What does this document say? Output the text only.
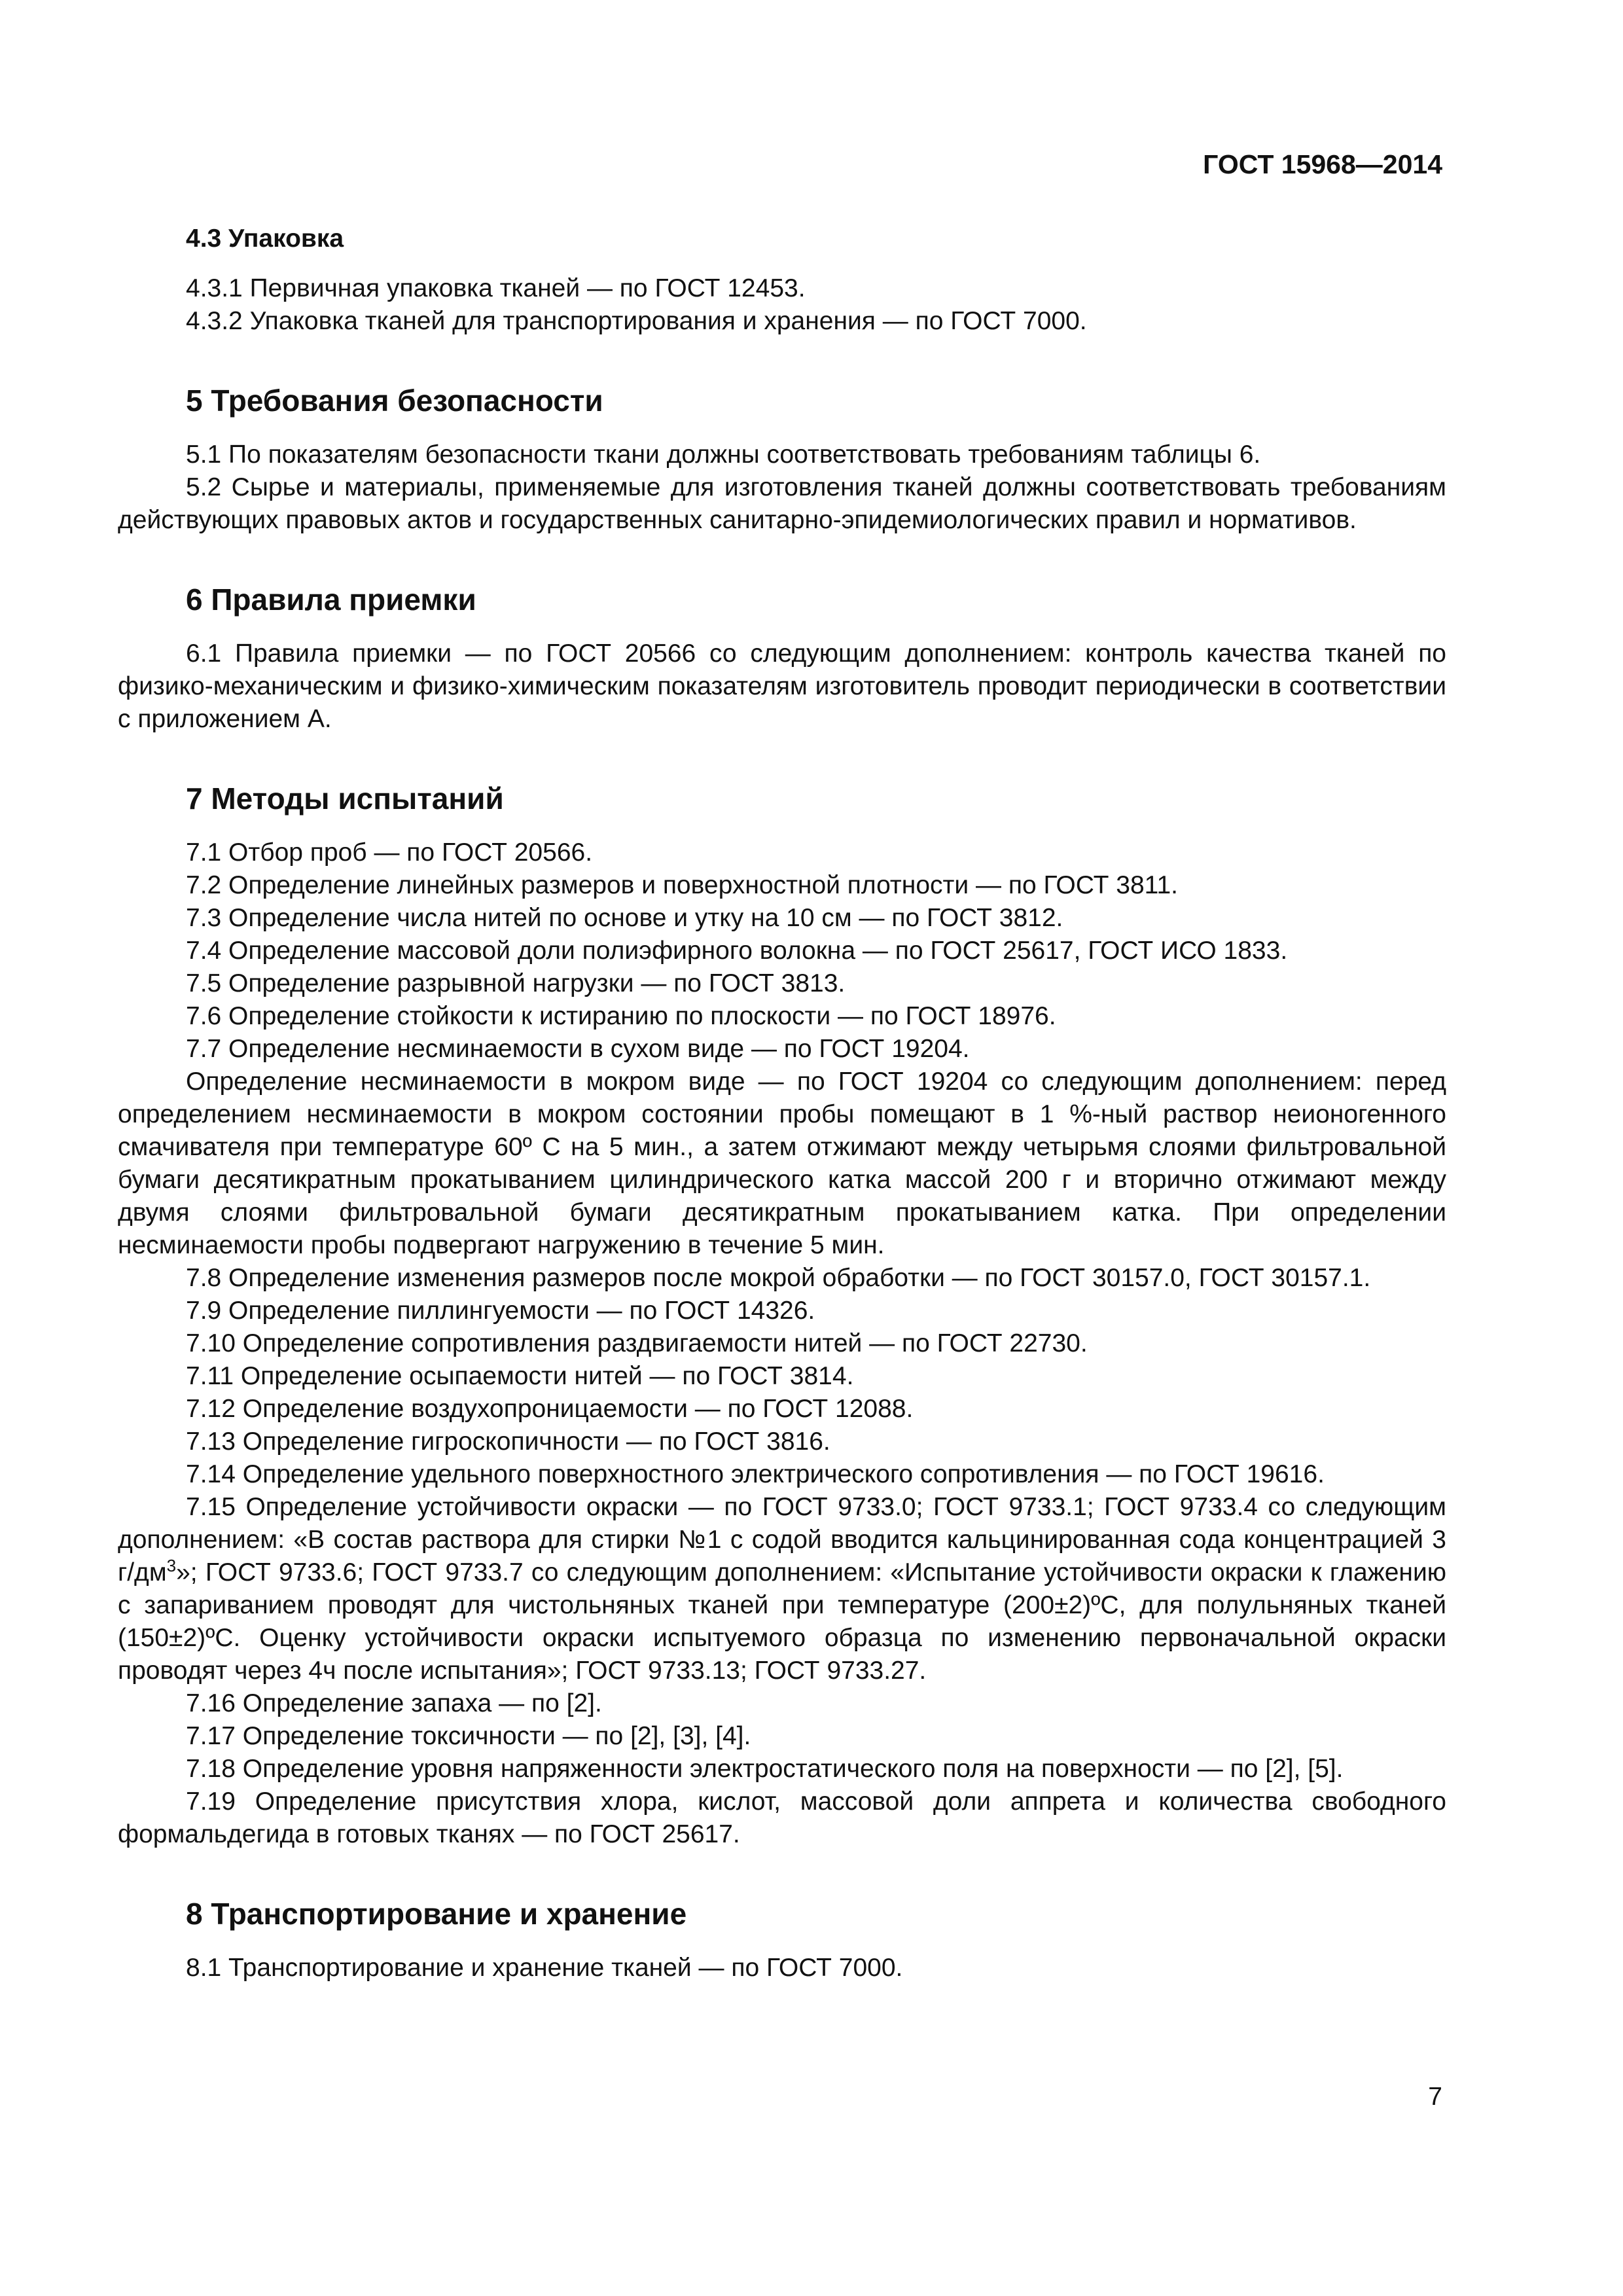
ГОСТ 15968—2014
4.3 Упаковка

4.3.1 Первичная упаковка тканей — по ГОСТ 12453.

4.3.2 Упаковка тканей для транспортирования и хранения — по ГОСТ 7000.

5 Требования безопасности

5.1 По показателям безопасности ткани должны соответствовать требованиям таблицы 6.

5.2 Сырье и материалы, применяемые для изготовления тканей должны соответствовать требованиям действующих правовых актов и государственных санитарно-эпидемиологических правил и нормативов.

6 Правила приемки

6.1 Правила приемки — по ГОСТ 20566 со следующим дополнением: контроль качества тканей по физико-механическим и физико-химическим показателям изготовитель проводит периодически в соответствии с приложением А.

7 Методы испытаний

7.1 Отбор проб — по ГОСТ 20566.

7.2 Определение линейных размеров и поверхностной плотности — по ГОСТ 3811.

7.3 Определение числа нитей по основе и утку на 10 см — по ГОСТ 3812.

7.4 Определение массовой доли полиэфирного волокна — по ГОСТ 25617, ГОСТ ИСО 1833.

7.5 Определение разрывной нагрузки — по ГОСТ 3813.

7.6 Определение стойкости к истиранию по плоскости — по ГОСТ 18976.

7.7 Определение несминаемости в сухом виде — по ГОСТ 19204.

Определение несминаемости в мокром виде — по ГОСТ 19204 со следующим дополнением: перед определением несминаемости в мокром состоянии пробы помещают в 1 %-ный раствор неионогенного смачивателя при температуре 60º С на 5 мин., а затем отжимают между четырьмя слоями фильтровальной бумаги десятикратным прокатыванием цилиндрического катка массой 200 г и вторично отжимают между двумя слоями фильтровальной бумаги десятикратным прокатыванием катка. При определении несминаемости пробы подвергают нагружению в течение 5 мин.

7.8 Определение изменения размеров после мокрой обработки — по ГОСТ 30157.0, ГОСТ 30157.1.

7.9 Определение пиллингуемости — по ГОСТ 14326.

7.10 Определение сопротивления раздвигаемости нитей — по ГОСТ 22730.

7.11 Определение осыпаемости нитей — по ГОСТ 3814.

7.12 Определение воздухопроницаемости — по ГОСТ 12088.

7.13 Определение гигроскопичности — по ГОСТ 3816.

7.14 Определение удельного поверхностного электрического сопротивления — по ГОСТ 19616.

7.15 Определение устойчивости окраски — по ГОСТ 9733.0; ГОСТ 9733.1; ГОСТ 9733.4 со следующим дополнением: «В состав раствора для стирки №1 с содой вводится кальцинированная сода концентрацией 3 $г/дм^3$»; ГОСТ 9733.6; ГОСТ 9733.7 со следующим дополнением: «Испытание устойчивости окраски к глажению с запариванием проводят для чистольняных тканей при температуре (200±2)ºС, для полульняных тканей (150±2)ºС. Оценку устойчивости окраски испытуемого образца по изменению первоначальной окраски проводят через 4ч после испытания»; ГОСТ 9733.13; ГОСТ 9733.27.

7.16 Определение запаха — по [2].

7.17 Определение токсичности — по [2], [3], [4].

7.18 Определение уровня напряженности электростатического поля на поверхности — по [2], [5].

7.19 Определение присутствия хлора, кислот, массовой доли аппрета и количества свободного формальдегида в готовых тканях — по ГОСТ 25617.

8 Транспортирование и хранение

8.1 Транспортирование и хранение тканей — по ГОСТ 7000.

7
